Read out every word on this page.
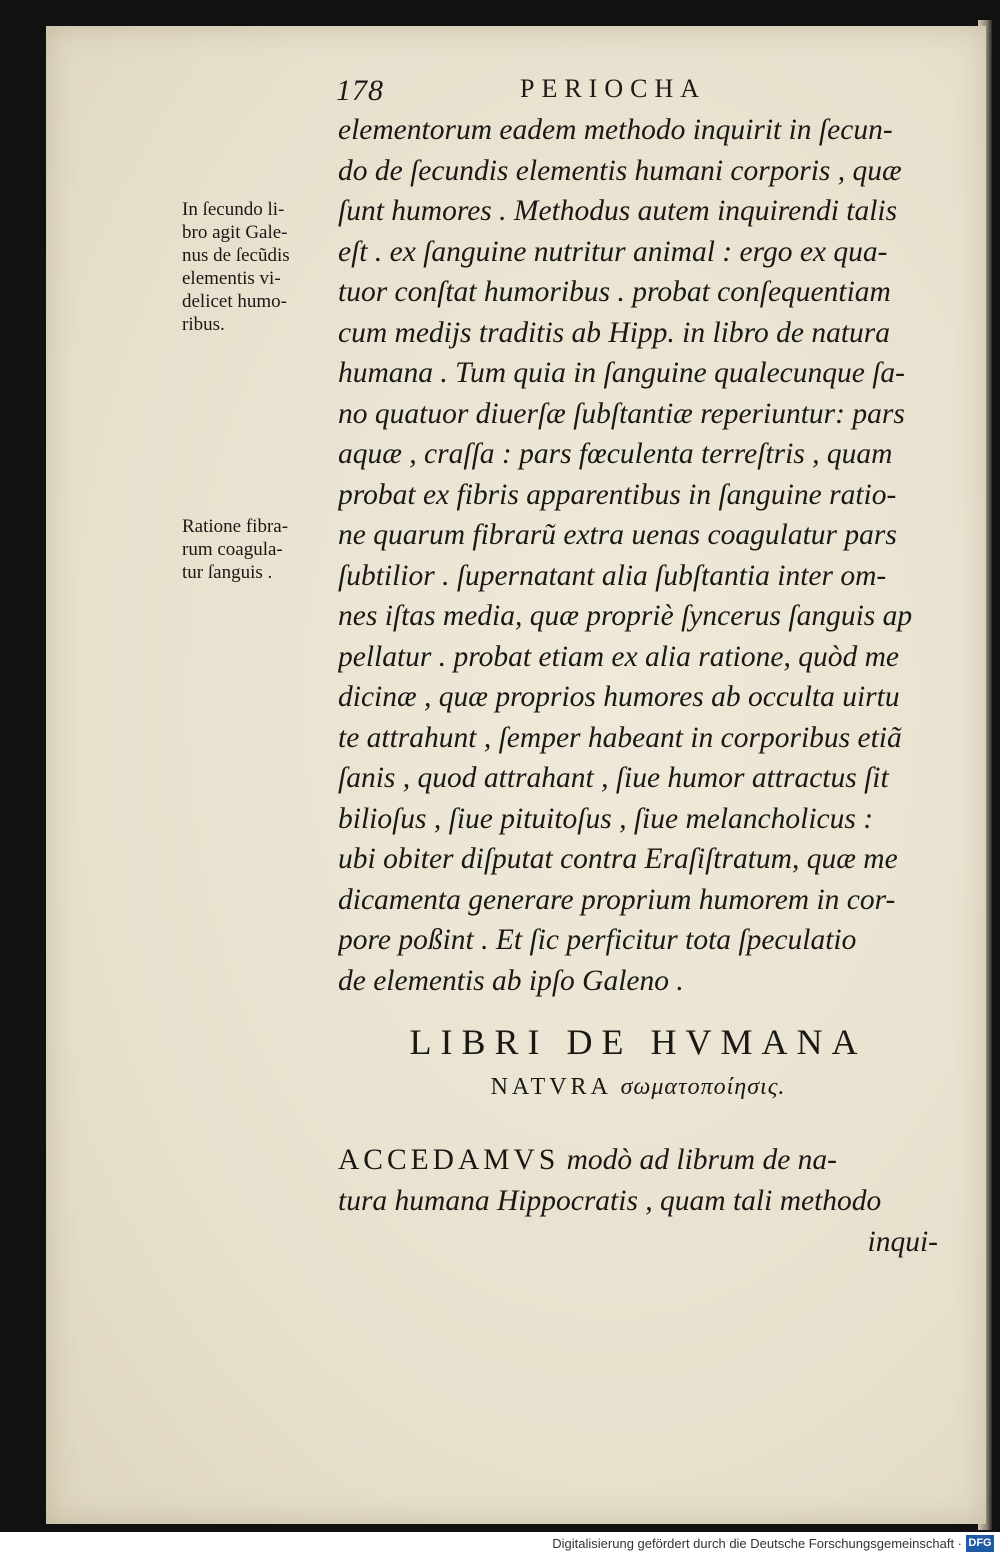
178	PERIOCHA
In ſecundo li-
bro agit Gale-
nus de ſecũdis
elementis vi-
delicet humo-
ribus.
Ratione fibra-
rum coagula-
tur ſanguis .
elementorum eadem methodo inquirit in ſecun-
do de ſecundis elementis humani corporis , quæ
ſunt humores . Methodus autem inquirendi talis
eſt . ex ſanguine nutritur animal : ergo ex qua-
tuor conſtat humoribus . probat conſequentiam
cum medijs traditis ab Hipp. in libro de natura
humana . Tum quia in ſanguine qualecunque ſa-
no quatuor diuerſæ ſubſtantiæ reperiuntur: pars
aquæ , craſſa : pars fœculenta terreſtris , quam
probat ex fibris apparentibus in ſanguine ratio-
ne quarum fibrarũ extra uenas coagulatur pars
ſubtilior . ſupernatant alia ſubſtantia inter om-
nes iſtas media, quæ propriè ſyncerus ſanguis ap
pellatur . probat etiam ex alia ratione, quòd me
dicinæ , quæ proprios humores ab occulta uirtu
te attrahunt , ſemper habeant in corporibus etiã
ſanis , quod attrahant , ſiue humor attractus ſit
bilioſus , ſiue pituitoſus , ſiue melancholicus :
ubi obiter diſputat contra Eraſiſtratum, quæ me
dicamenta generare proprium humorem in cor-
pore poßint . Et ſic perficitur tota ſpeculatio
de elementis ab ipſo Galeno .
LIBRI DE HVMANA
NATVRA σωματοποίησις.
ACCEDAMVS modò ad librum de na-
tura humana Hippocratis , quam tali methodo
inqui-
Digitalisierung gefördert durch die Deutsche Forschungsgemeinschaft · DFG
